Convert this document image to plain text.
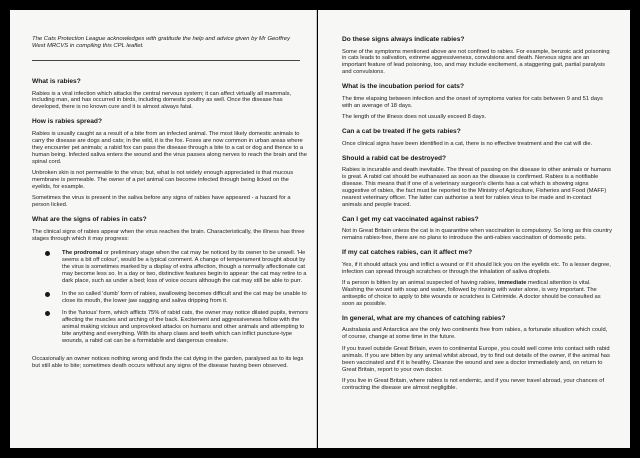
The Cats Protection League acknowledges with gratitude the help and advice given by Mr Geoffrey West MRCVS in compiling this CPL leaflet.

What is rabies?

Rabies is a viral infection which attacks the central nervous system; it can affect virtually all mammals, including man, and has occurred in birds, including domestic poultry as well. Once the disease has developed, there is no known cure and it is almost always fatal.

How is rabies spread?

Rabies is usually caught as a result of a bite from an infected animal. The most likely domestic animals to carry the disease are dogs and cats; in the wild, it is the fox. Foxes are now common in urban areas where they encounter pet animals; a rabid fox can pass the disease through a bite to a cat or dog and thence to a human being. Infected saliva enters the wound and the virus passes along nerves to reach the brain and the spinal cord.

Unbroken skin is not permeable to the virus; but, what is not widely enough appreciated is that mucous membrane is permeable. The owner of a pet animal can become infected through being licked on the eyelids, for example.

Sometimes the virus is present in the saliva before any signs of rabies have appeared - a hazard for a person licked.

What are the signs of rabies in cats?

The clinical signs of rabies appear when the virus reaches the brain. Characteristically, the illness has three stages through which it may progress:

The prodromal or preliminary stage when the cat may be noticed by its owner to be unwell. 'He seems a bit off colour', would be a typical comment. A change of temperament brought about by the virus is sometimes marked by a display of extra affection, though a normally affectionate cat may become less so. In a day or two, distinctive features begin to appear: the cat may retire to a dark place, such as under a bed; loss of voice occurs although the cat may still be able to purr.

In the so called 'dumb' form of rabies, swallowing becomes difficult and the cat may be unable to close its mouth, the lower jaw sagging and saliva dripping from it.

In the 'furious' form, which afflicts 75% of rabid cats, the owner may notice dilated pupils, tremors affecting the muscles and arching of the back. Excitement and aggressiveness follow with the animal making vicious and unprovoked attacks on humans and other animals and attempting to bite anything and everything. With its sharp claws and teeth which can inflict puncture-type wounds, a rabid cat can be a formidable and dangerous creature.

Occasionally an owner notices nothing wrong and finds the cat dying in the garden, paralysed as to its legs but still able to bite; sometimes death occurs without any signs of the disease having been observed.

Do these signs always indicate rabies?

Some of the symptoms mentioned above are not confined to rabies. For example, benzoic acid poisoning in cats leads to salivation, extreme aggressiveness, convulsions and death. Nervous signs are an important feature of lead poisoning, too, and may include excitement, a staggering gait, partial paralysis and convulsions.

What is the incubation period for cats?

The time elapsing between infection and the onset of symptoms varies for cats between 9 and 51 days with an average of 18 days.

The length of the illness does not usually exceed 8 days.

Can a cat be treated if he gets rabies?

Once clinical signs have been identified in a cat, there is no effective treatment and the cat will die.

Should a rabid cat be destroyed?

Rabies is incurable and death inevitable. The threat of passing on the disease to other animals or humans is great. A rabid cat should be euthanased as soon as the disease is confirmed. Rabies is a notifiable disease. This means that if one of a veterinary surgeon's clients has a cat which is showing signs suggestive of rabies, the fact must be reported to the Ministry of Agriculture, Fisheries and Food (MAFF) nearest veterinary officer. The latter can authorise a test for rabies virus to be made and in-contact animals and people traced.

Can I get my cat vaccinated against rabies?

Not in Great Britain unless the cat is in quarantine when vaccination is compulsory. So long as this country remains rabies-free, there are no plans to introduce the anti-rabies vaccination of domestic pets.

If my cat catches rabies, can it affect me?

Yes, if it should attack you and inflict a wound or if it should lick you on the eyelids etc. To a lesser degree, infection can spread through scratches or through the inhalation of saliva droplets.

If a person is bitten by an animal suspected of having rabies, immediate medical attention is vital. Washing the wound with soap and water, followed by rinsing with water alone, is very important. The antiseptic of choice to apply to bite wounds or scratches is Cetrimide. A doctor should be consulted as soon as possible.

In general, what are my chances of catching rabies?

Australasia and Antarctica are the only two continents free from rabies, a fortunate situation which could, of course, change at some time in the future.

If you travel outside Great Britain, even to continental Europe, you could well come into contact with rabid animals. If you are bitten by any animal whilst abroad, try to find out details of the owner, if the animal has been vaccinated and if it is healthy. Cleanse the wound and see a doctor immediately and, on return to Great Britain, report to your own doctor.

If you live in Great Britain, where rabies is not endemic, and if you never travel abroad, your chances of contracting the disease are almost negligible.
